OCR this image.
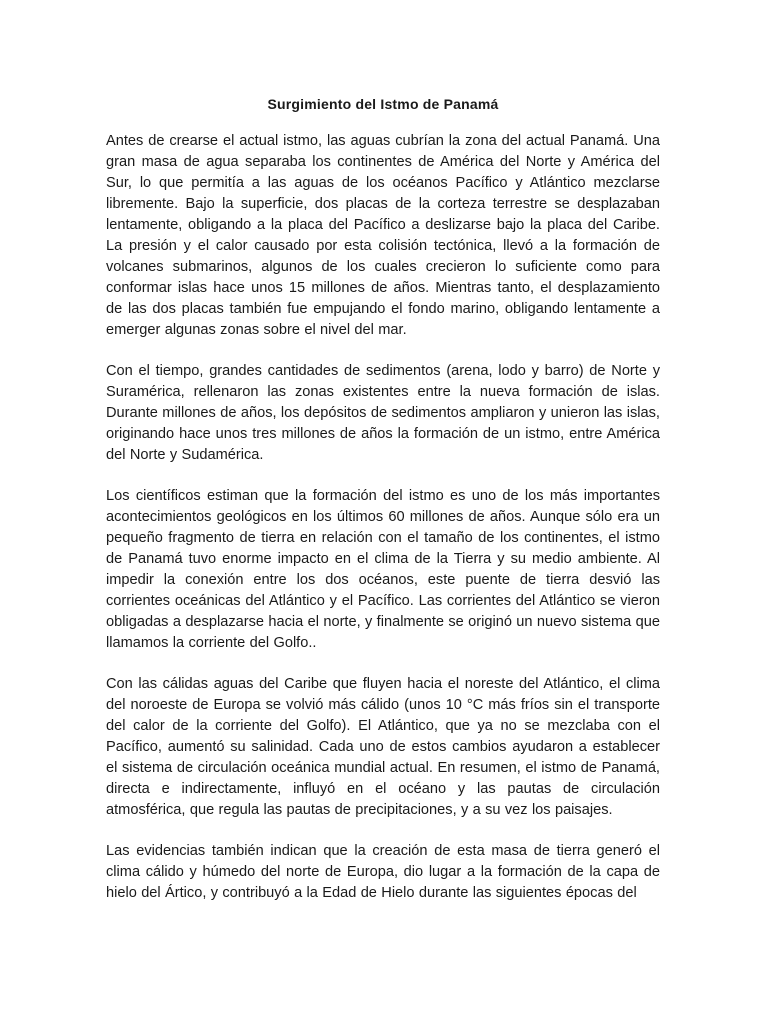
Surgimiento del Istmo de Panamá

Antes de crearse el actual istmo, las aguas cubrían la zona del actual Panamá. Una gran masa de agua separaba los continentes de América del Norte y América del Sur, lo que permitía a las aguas de los océanos Pacífico y Atlántico mezclarse libremente. Bajo la superficie, dos placas de la corteza terrestre se desplazaban lentamente, obligando a la placa del Pacífico a deslizarse bajo la placa del Caribe. La presión y el calor causado por esta colisión tectónica, llevó a la formación de volcanes submarinos, algunos de los cuales crecieron lo suficiente como para conformar islas hace unos 15 millones de años. Mientras tanto, el desplazamiento de las dos placas también fue empujando el fondo marino, obligando lentamente a emerger algunas zonas sobre el nivel del mar.

Con el tiempo, grandes cantidades de sedimentos (arena, lodo y barro) de Norte y Suramérica, rellenaron las zonas existentes entre la nueva formación de islas. Durante millones de años, los depósitos de sedimentos ampliaron y unieron las islas, originando hace unos tres millones de años la formación de un istmo, entre América del Norte y Sudamérica.

Los científicos estiman que la formación del istmo es uno de los más importantes acontecimientos geológicos en los últimos 60 millones de años. Aunque sólo era un pequeño fragmento de tierra en relación con el tamaño de los continentes, el istmo de Panamá tuvo enorme impacto en el clima de la Tierra y su medio ambiente. Al impedir la conexión entre los dos océanos, este puente de tierra desvió las corrientes oceánicas del Atlántico y el Pacífico. Las corrientes del Atlántico se vieron obligadas a desplazarse hacia el norte, y finalmente se originó un nuevo sistema que llamamos la corriente del Golfo..

Con las cálidas aguas del Caribe que fluyen hacia el noreste del Atlántico, el clima del noroeste de Europa se volvió más cálido (unos 10 °C más fríos sin el transporte del calor de la corriente del Golfo). El Atlántico, que ya no se mezclaba con el Pacífico, aumentó su salinidad. Cada uno de estos cambios ayudaron a establecer el sistema de circulación oceánica mundial actual. En resumen, el istmo de Panamá, directa e indirectamente, influyó en el océano y las pautas de circulación atmosférica, que regula las pautas de precipitaciones, y a su vez los paisajes.

Las evidencias también indican que la creación de esta masa de tierra generó el clima cálido y húmedo del norte de Europa, dio lugar a la formación de la capa de hielo del Ártico, y contribuyó a la Edad de Hielo durante las siguientes épocas del
